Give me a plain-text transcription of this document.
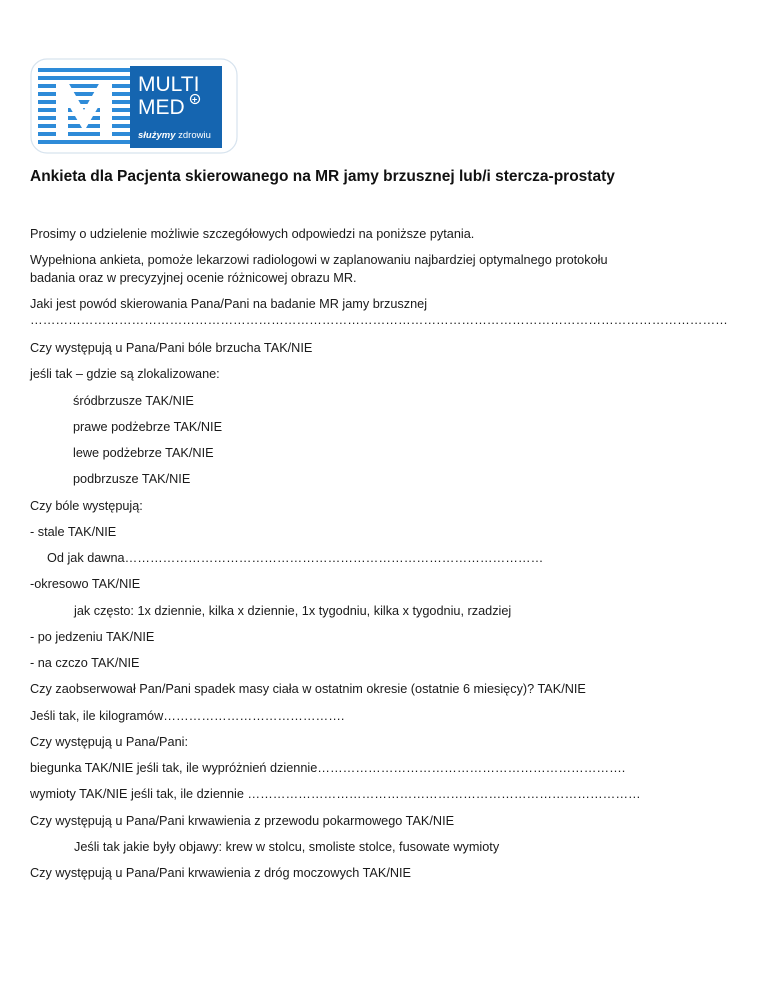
MULTI
MED +
służymy zdrowiu
Ankieta dla Pacjenta skierowanego na MR jamy brzusznej lub/i stercza-prostaty
Prosimy o udzielenie możliwie szczegółowych odpowiedzi na poniższe pytania.
Wypełniona ankieta, pomoże lekarzowi radiologowi w zaplanowaniu najbardziej optymalnego protokołu
badania oraz w precyzyjnej ocenie różnicowej obrazu MR.
Jaki jest powód skierowania Pana/Pani na badanie MR jamy brzusznej
…………………………………………………………………………………………………………………………………………………
Czy występują u Pana/Pani bóle brzucha TAK/NIE
jeśli tak – gdzie są zlokalizowane:
śródbrzusze TAK/NIE
prawe podżebrze TAK/NIE
lewe podżebrze TAK/NIE
podbrzusze TAK/NIE
Czy bóle występują:
- stale TAK/NIE
Od jak dawna………………………………………………………………………………………
-okresowo TAK/NIE
jak często: 1x dziennie, kilka x dziennie, 1x tygodniu, kilka x tygodniu, rzadziej
- po jedzeniu TAK/NIE
- na czczo TAK/NIE
Czy zaobserwował Pan/Pani spadek masy ciała w ostatnim okresie (ostatnie 6 miesięcy)? TAK/NIE
Jeśli tak, ile kilogramów…………………………………….
Czy występują u Pana/Pani:
biegunka TAK/NIE jeśli tak, ile wypróżnień dziennie……………………………………………………………….
wymioty TAK/NIE jeśli tak, ile dziennie …………………………………………………………………………………
Czy występują u Pana/Pani krwawienia z przewodu pokarmowego TAK/NIE
Jeśli tak jakie były objawy: krew w stolcu, smoliste stolce, fusowate wymioty
Czy występują u Pana/Pani krwawienia z dróg moczowych TAK/NIE
